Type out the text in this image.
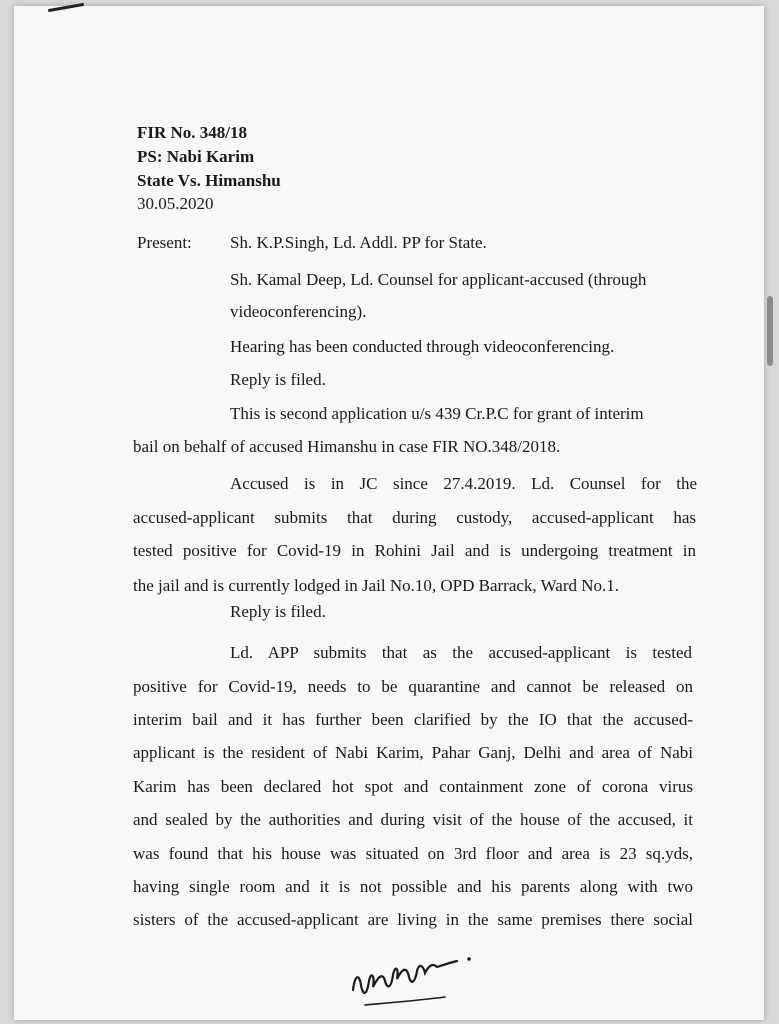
FIR No. 348/18
PS: Nabi Karim
State Vs. Himanshu
30.05.2020
Present: Sh. K.P.Singh, Ld. Addl. PP for State.
Sh. Kamal Deep, Ld. Counsel for applicant-accused (through
videoconferencing).
Hearing has been conducted through videoconferencing.
Reply is filed.
This is second application u/s 439 Cr.P.C for grant of interim
bail on behalf of accused Himanshu in case FIR NO.348/2018.
Accused is in JC since 27.4.2019. Ld. Counsel for the
accused-applicant submits that during custody, accused-applicant has
tested positive for Covid-19 in Rohini Jail and is undergoing treatment in
the jail and is currently lodged in Jail No.10, OPD Barrack, Ward No.1.
Reply is filed.
Ld. APP submits that as the accused-applicant is tested
positive for Covid-19, needs to be quarantine and cannot be released on
interim bail and it has further been clarified by the IO that the accused-
applicant is the resident of Nabi Karim, Pahar Ganj, Delhi and area of Nabi
Karim has been declared hot spot and containment zone of corona virus
and sealed by the authorities and during visit of the house of the accused, it
was found that his house was situated on 3rd floor and area is 23 sq.yds,
having single room and it is not possible and his parents along with two
sisters of the accused-applicant are living in the same premises there social
